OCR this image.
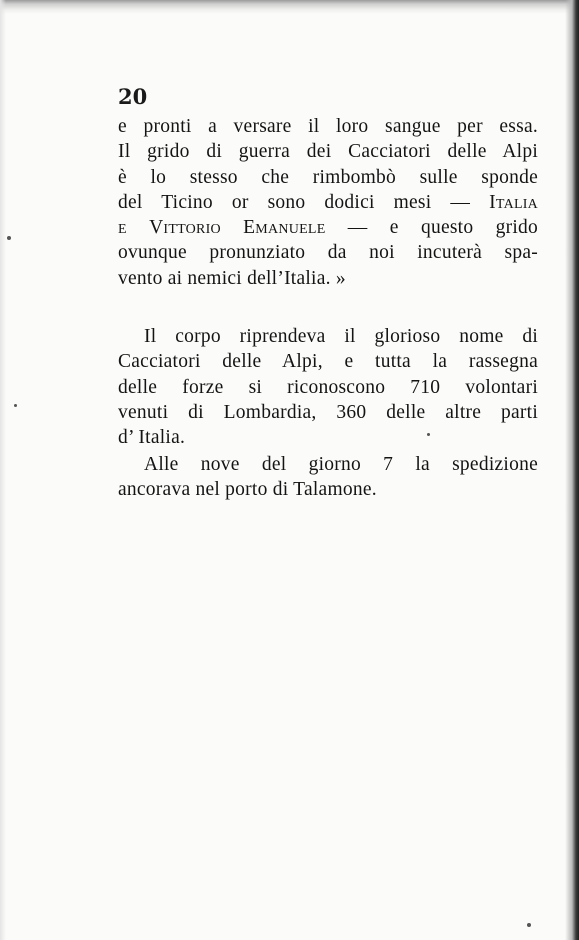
20
e pronti a versare il loro sangue per essa.
Il grido di guerra dei Cacciatori delle Alpi
è lo stesso che rimbombò sulle sponde
del Ticino or sono dodici mesi — Italia
e Vittorio Emanuele — e questo grido
ovunque pronunziato da noi incuterà spa-
vento ai nemici dell’Italia. »
Il corpo riprendeva il glorioso nome di
Cacciatori delle Alpi, e tutta la rassegna
delle forze si riconoscono 710 volontari
venuti di Lombardia, 360 delle altre parti
d’ Italia.
Alle nove del giorno 7 la spedizione
ancorava nel porto di Talamone.
